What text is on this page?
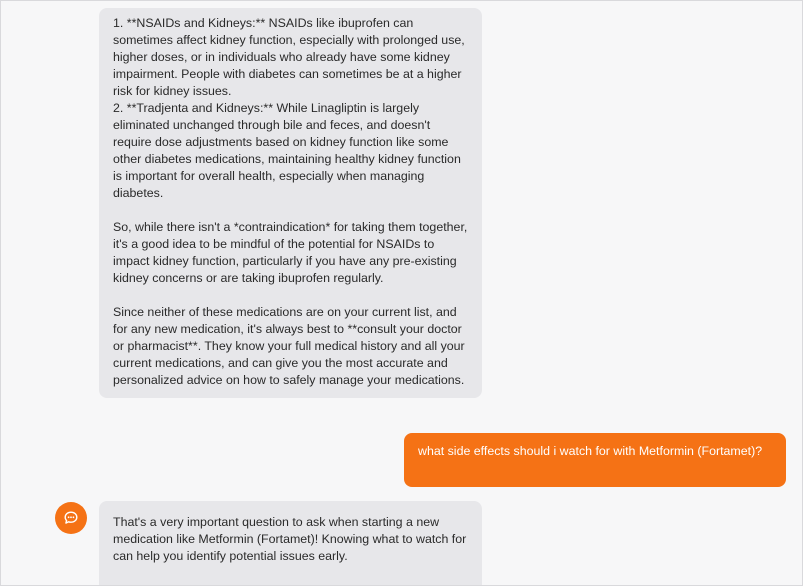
1. **NSAIDs and Kidneys:** NSAIDs like ibuprofen can sometimes affect kidney function, especially with prolonged use, higher doses, or in individuals who already have some kidney impairment. People with diabetes can sometimes be at a higher risk for kidney issues.

2. **Tradjenta and Kidneys:** While Linagliptin is largely eliminated unchanged through bile and feces, and doesn't require dose adjustments based on kidney function like some other diabetes medications, maintaining healthy kidney function is important for overall health, especially when managing diabetes.

So, while there isn't a *contraindication* for taking them together, it's a good idea to be mindful of the potential for NSAIDs to impact kidney function, particularly if you have any pre-existing kidney concerns or are taking ibuprofen regularly.

Since neither of these medications are on your current list, and for any new medication, it's always best to **consult your doctor or pharmacist**. They know your full medical history and all your current medications, and can give you the most accurate and personalized advice on how to safely manage your medications.

what side effects should i watch for with Metformin (Fortamet)?

That's a very important question to ask when starting a new medication like Metformin (Fortamet)! Knowing what to watch for can help you identify potential issues early.
